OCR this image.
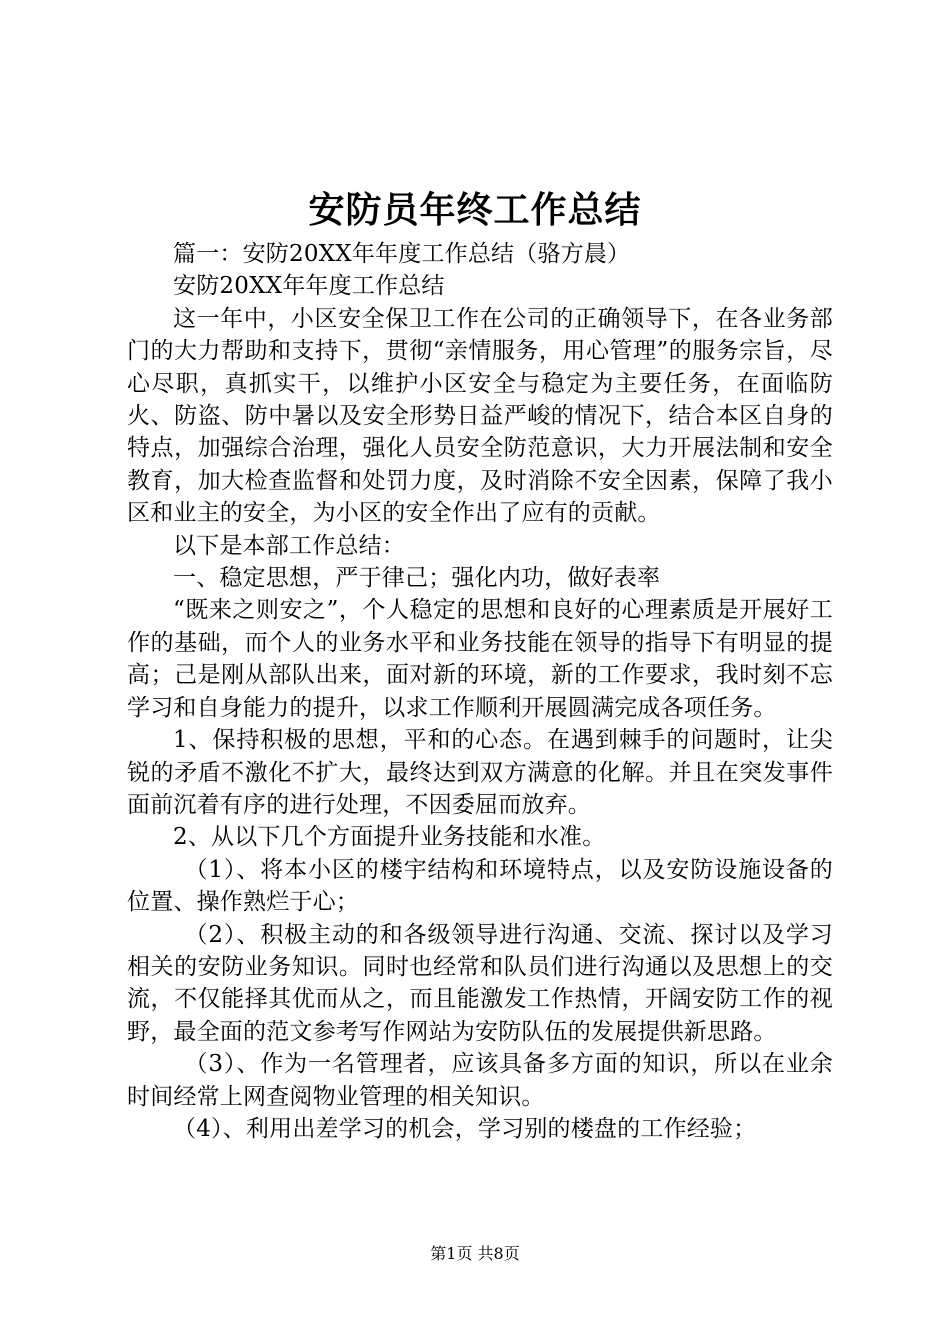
安防员年终工作总结

篇一：安防20XX年年度工作总结（骆方晨）

安防20XX年年度工作总结

这一年中，小区安全保卫工作在公司的正确领导下，在各业务部门的大力帮助和支持下，贯彻“亲情服务，用心管理”的服务宗旨，尽心尽职，真抓实干，以维护小区安全与稳定为主要任务，在面临防火、防盗、防中暑以及安全形势日益严峻的情况下，结合本区自身的特点，加强综合治理，强化人员安全防范意识，大力开展法制和安全教育，加大检查监督和处罚力度，及时消除不安全因素，保障了我小区和业主的安全，为小区的安全作出了应有的贡献。

以下是本部工作总结：

一、稳定思想，严于律己；强化内功，做好表率

“既来之则安之”，个人稳定的思想和良好的心理素质是开展好工作的基础，而个人的业务水平和业务技能在领导的指导下有明显的提高；己是刚从部队出来，面对新的环境，新的工作要求，我时刻不忘学习和自身能力的提升，以求工作顺利开展圆满完成各项任务。

1、保持积极的思想，平和的心态。在遇到棘手的问题时，让尖锐的矛盾不激化不扩大，最终达到双方满意的化解。并且在突发事件面前沉着有序的进行处理，不因委屈而放弃。

2、从以下几个方面提升业务技能和水准。

（1）、将本小区的楼宇结构和环境特点，以及安防设施设备的位置、操作熟烂于心；

（2）、积极主动的和各级领导进行沟通、交流、探讨以及学习相关的安防业务知识。同时也经常和队员们进行沟通以及思想上的交流，不仅能择其优而从之，而且能激发工作热情，开阔安防工作的视野，最全面的范文参考写作网站为安防队伍的发展提供新思路。

（3）、作为一名管理者，应该具备多方面的知识，所以在业余时间经常上网查阅物业管理的相关知识。

（4）、利用出差学习的机会，学习别的楼盘的工作经验；

第1页 共8页
